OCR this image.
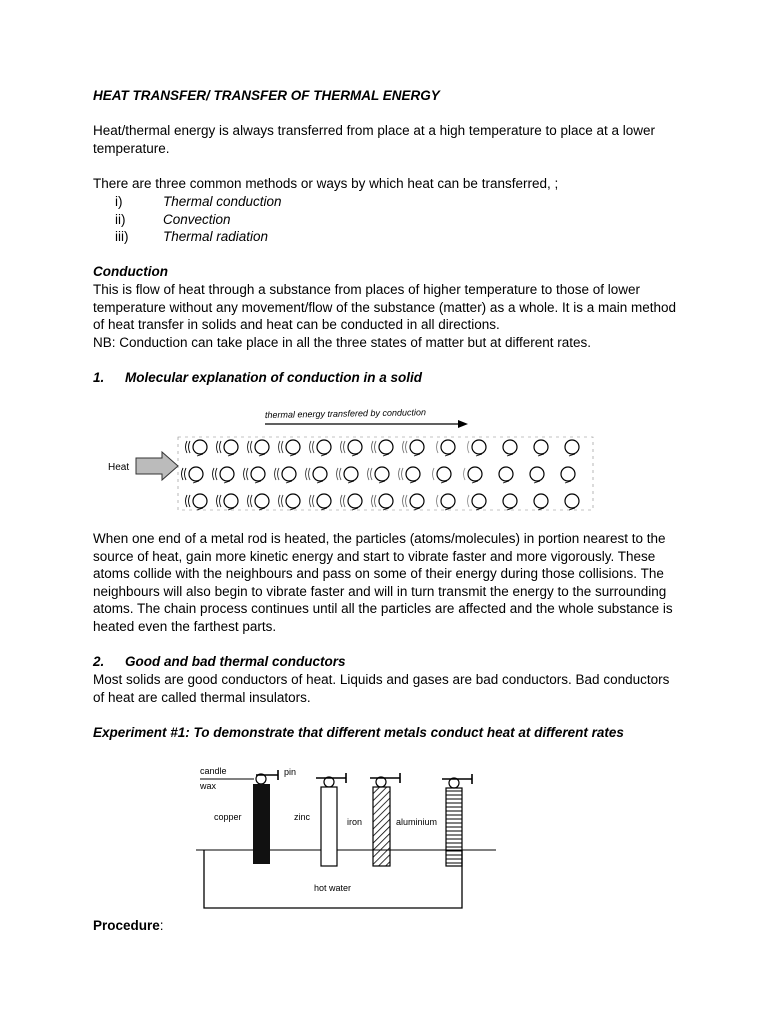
HEAT TRANSFER/ TRANSFER OF THERMAL ENERGY

Heat/thermal energy is always transferred from place at a high temperature to place at a lower temperature.

There are three common methods or ways by which heat can be transferred, ;

i)	Thermal conduction
ii)	Convection
iii)	Thermal radiation

Conduction

This is flow of heat through a substance from places of higher temperature to those of lower temperature without any movement/flow of the substance (matter) as a whole. It is a main method of heat transfer in solids and heat can be conducted in all directions.

NB: Conduction can take place in all the three states of matter but at different rates.

1. Molecular explanation of conduction in a solid

thermal energy transfered by conduction
Heat

When one end of a metal rod is heated, the particles (atoms/molecules) in portion nearest to the source of heat, gain more kinetic energy and start to vibrate faster and more vigorously. These atoms collide with the neighbours and pass on some of their energy during those collisions. The neighbours will also begin to vibrate faster and will in turn transmit the energy to the surrounding atoms. The chain process continues until all the particles are affected and the whole substance is heated even the farthest parts.

2. Good and bad thermal conductors

Most solids are good conductors of heat. Liquids and gases are bad conductors. Bad conductors of heat are called thermal insulators.

Experiment #1: To demonstrate that different metals conduct heat at different rates

hot water
candle
wax
pin
copper	zinc	iron	aluminium

Procedure:
